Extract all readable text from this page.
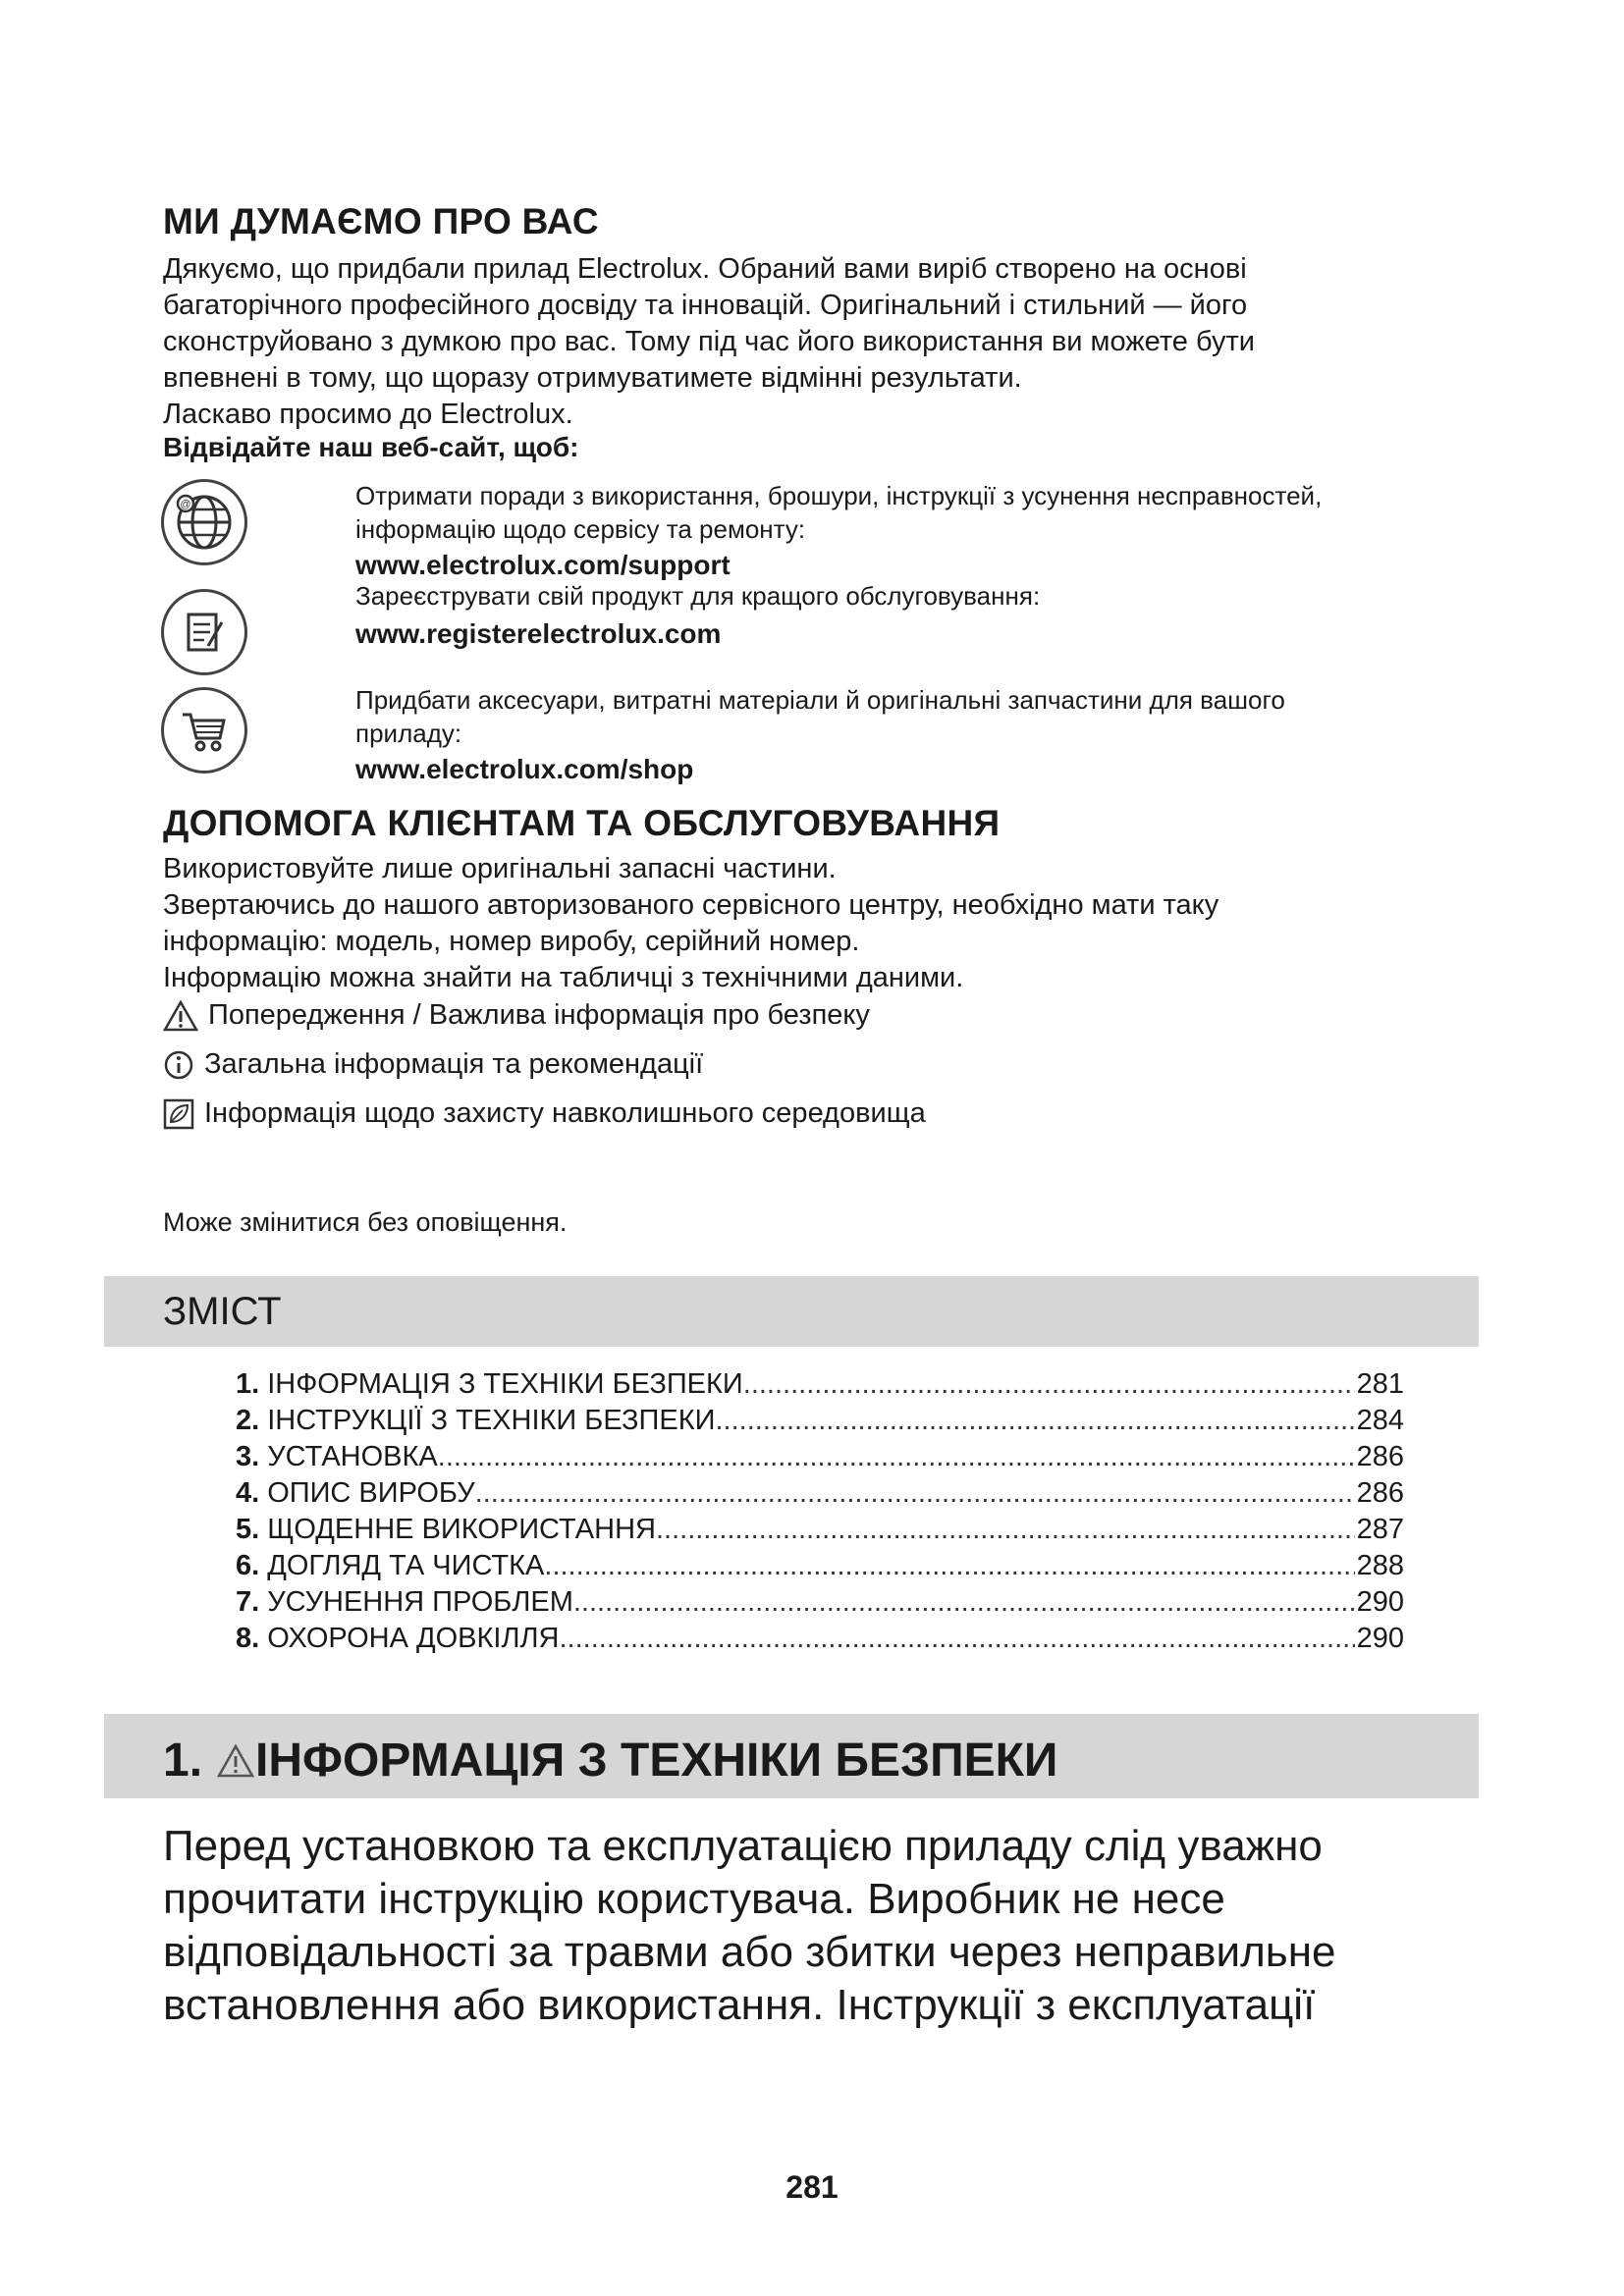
МИ ДУМАЄМО ПРО ВАС
Дякуємо, що придбали прилад Electrolux. Обраний вами виріб створено на основі
багаторічного професійного досвіду та інновацій. Оригінальний і стильний — його
сконструйовано з думкою про вас. Тому під час його використання ви можете бути
впевнені в тому, що щоразу отримуватимете відмінні результати.
Ласкаво просимо до Electrolux.
Відвідайте наш веб-сайт, щоб:
@	Отримати поради з використання, брошури, інструкції з усунення несправностей,
інформацію щодо сервісу та ремонту:
www.electrolux.com/support
Зареєструвати свій продукт для кращого обслуговування:
www.registerelectrolux.com
Придбати аксесуари, витратні матеріали й оригінальні запчастини для вашого
приладу:
www.electrolux.com/shop
ДОПОМОГА КЛІЄНТАМ ТА ОБСЛУГОВУВАННЯ
Використовуйте лише оригінальні запасні частини.
Звертаючись до нашого авторизованого сервісного центру, необхідно мати таку
інформацію: модель, номер виробу, серійний номер.
Інформацію можна знайти на табличці з технічними даними.
Попередження / Важлива інформація про безпеку
Загальна інформація та рекомендації
Інформація щодо захисту навколишнього середовища
Може змінитися без оповіщення.
ЗМІСТ
1. ІНФОРМАЦІЯ З ТЕХНІКИ БЕЗПЕКИ .....	281
2. ІНСТРУКЦІЇ З ТЕХНІКИ БЕЗПЕКИ .....	284
3. УСТАНОВКА .....	286
4. ОПИС ВИРОБУ .....	286
5. ЩОДЕННЕ ВИКОРИСТАННЯ .....	287
6. ДОГЛЯД ТА ЧИСТКА .....	288
7. УСУНЕННЯ ПРОБЛЕМ .....	290
8. ОХОРОНА ДОВКІЛЛЯ .....	290
1. ІНФОРМАЦІЯ З ТЕХНІКИ БЕЗПЕКИ
Перед установкою та експлуатацією приладу слід уважно
прочитати інструкцію користувача. Виробник не несе
відповідальності за травми або збитки через неправильне
встановлення або використання. Інструкції з експлуатації
281
